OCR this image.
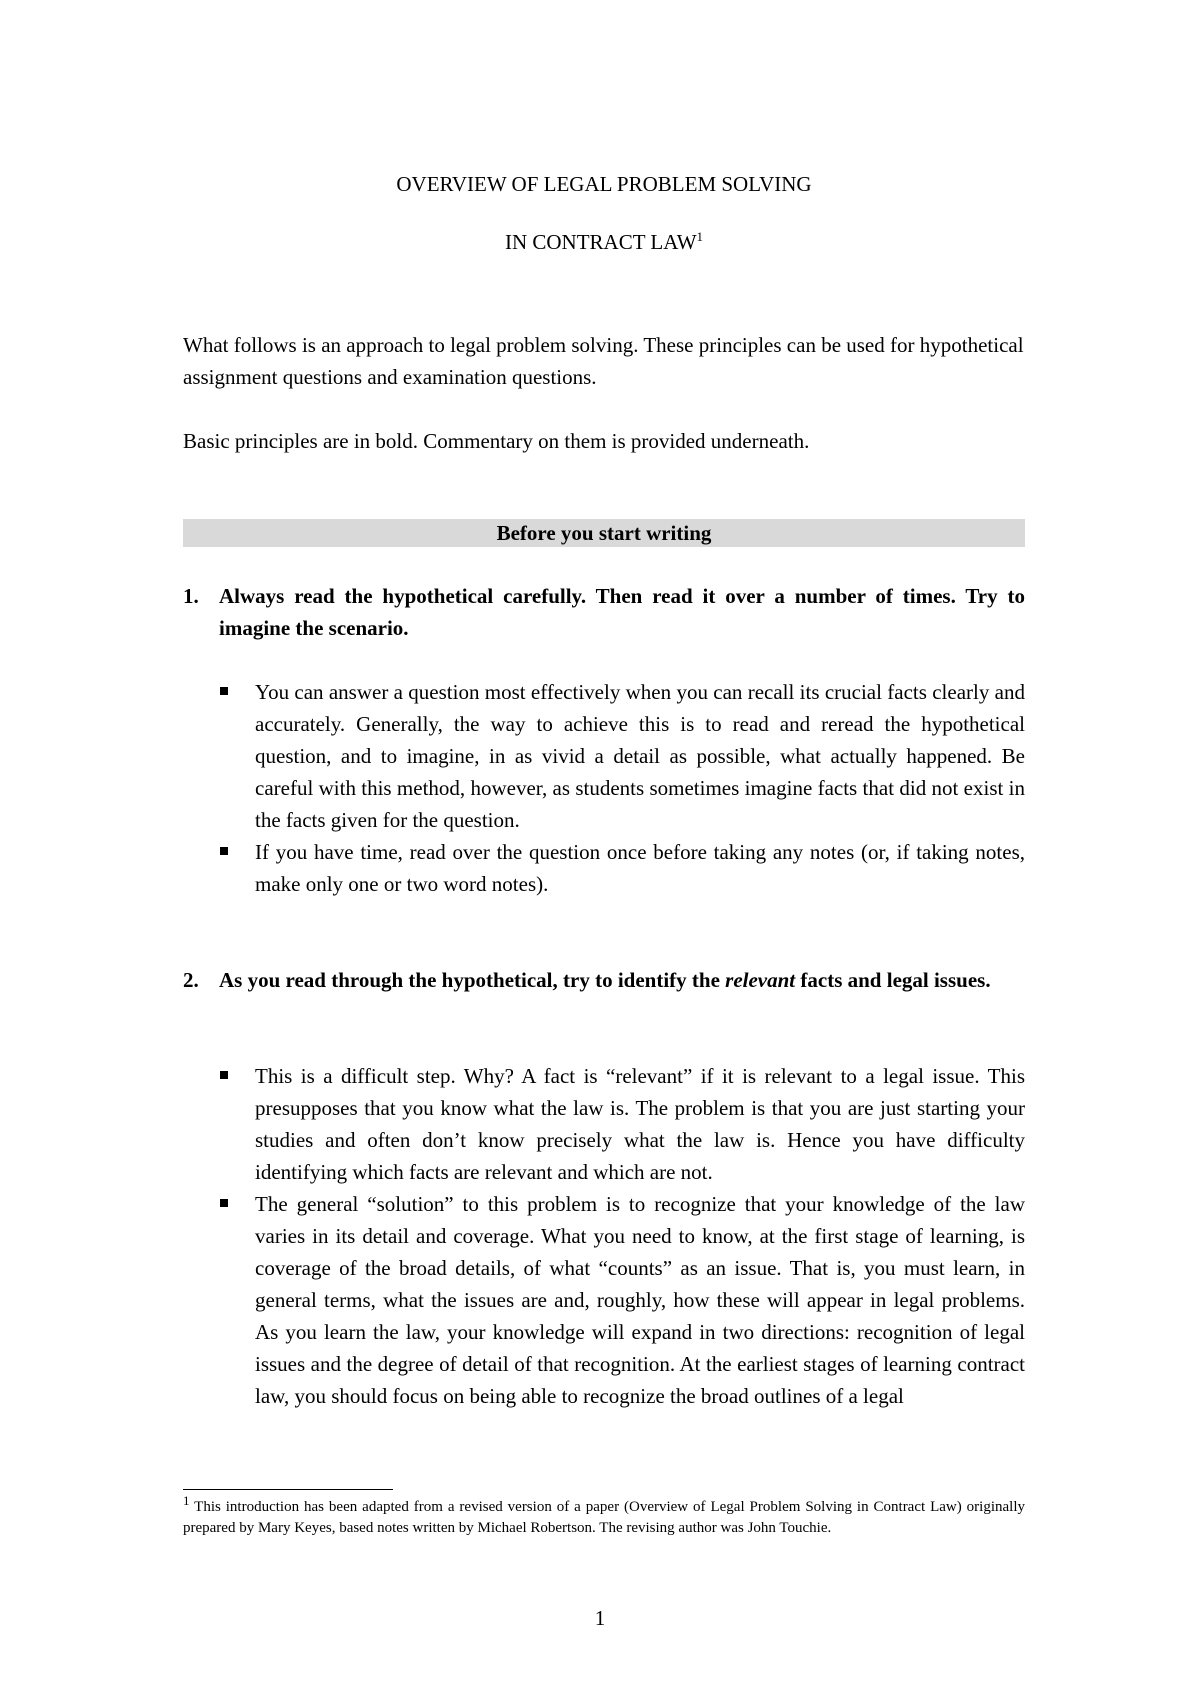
OVERVIEW OF LEGAL PROBLEM SOLVING
IN CONTRACT LAW$^1$

What follows is an approach to legal problem solving. These principles can be used for hypothetical assignment questions and examination questions.

Basic principles are in bold. Commentary on them is provided underneath.

Before you start writing
1. Always read the hypothetical carefully. Then read it over a number of times. Try to imagine the scenario.
You can answer a question most effectively when you can recall its crucial facts clearly and accurately. Generally, the way to achieve this is to read and reread the hypothetical question, and to imagine, in as vivid a detail as possible, what actually happened. Be careful with this method, however, as students sometimes imagine facts that did not exist in the facts given for the question.
If you have time, read over the question once before taking any notes (or, if taking notes, make only one or two word notes).
2. As you read through the hypothetical, try to identify the relevant facts and legal issues.
This is a difficult step. Why? A fact is “relevant” if it is relevant to a legal issue. This presupposes that you know what the law is. The problem is that you are just starting your studies and often don’t know precisely what the law is. Hence you have difficulty identifying which facts are relevant and which are not.
The general “solution” to this problem is to recognize that your knowledge of the law varies in its detail and coverage. What you need to know, at the first stage of learning, is coverage of the broad details, of what “counts” as an issue. That is, you must learn, in general terms, what the issues are and, roughly, how these will appear in legal problems. As you learn the law, your knowledge will expand in two directions: recognition of legal issues and the degree of detail of that recognition. At the earliest stages of learning contract law, you should focus on being able to recognize the broad outlines of a legal

1 This introduction has been adapted from a revised version of a paper (Overview of Legal Problem Solving in Contract Law) originally prepared by Mary Keyes, based notes written by Michael Robertson. The revising author was John Touchie.

1
